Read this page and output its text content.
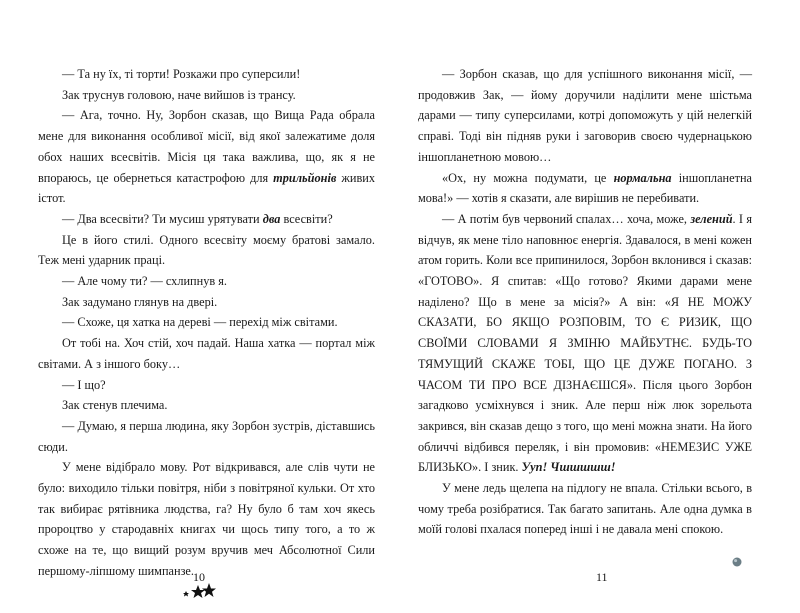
— Та ну їх, ті торти! Розкажи про суперсили!

Зак труснув головою, наче вийшов із трансу.

— Ага, точно. Ну, Зорбон сказав, що Вища Рада обрала мене для виконання особливої місії, від якої залежатиме доля обох наших всесвітів. Місія ця така важлива, що, як я не впораюсь, це обернеться катастрофою для трильйонів живих істот.

— Два всесвіти? Ти мусиш урятувати два всесвіти?

Це в його стилі. Одного всесвіту моєму братові замало. Теж мені ударник праці.

— Але чому ти? — схлипнув я.

Зак задумано глянув на двері.

— Схоже, ця хатка на дереві — перехід між світами.

От тобі на. Хоч стій, хоч падай. Наша хатка — портал між світами. А з іншого боку…

— І що?

Зак стенув плечима.

— Думаю, я перша людина, яку Зорбон зустрів, діставшись сюди.

У мене відібрало мову. Рот відкривався, але слів чути не було: виходило тільки повітря, ніби з повітряної кульки. От хто так вибирає рятівника людства, га? Ну було б там хоч якесь пророцтво у стародавніх книгах чи щось типу того, а то ж схоже на те, що вищий розум вручив меч Абсолютної Сили першому-ліпшому шимпанзе.

— Зорбон сказав, що для успішного виконання місії, — продовжив Зак, — йому доручили наділити мене шістьма дарами — типу суперсилами, котрі допоможуть у цій нелегкій справі. Тоді він підняв руки і заговорив своєю чудернацькою іншопланетною мовою…

«Ох, ну можна подумати, це нормальна іншопланетна мова!» — хотів я сказати, але вирішив не перебивати.

— А потім був червоний спалах… хоча, може, зелений. І я відчув, як мене тіло наповнює енергія. Здавалося, в мені кожен атом горить. Коли все припинилося, Зорбон вклонився і сказав: «ГОТОВО». Я спитав: «Що готово? Якими дарами мене наділено? Що в мене за місія?» А він: «Я НЕ МОЖУ СКАЗАТИ, БО ЯКЩО РОЗПОВІМ, ТО Є РИЗИК, ЩО СВОЇМИ СЛОВАМИ Я ЗМІНЮ МАЙБУТНЄ. БУДЬ-ТО ТЯМУЩИЙ СКАЖЕ ТОБІ, ЩО ЦЕ ДУЖЕ ПОГАНО. З ЧАСОМ ТИ ПРО ВСЕ ДІЗНАЄШСЯ». Після цього Зорбон загадково усміхнувся і зник. Але перш ніж люк зорельота закрився, він сказав дещо з того, що мені можна знати. На його обличчі відбився переляк, і він промовив: «НЕМЕЗИС УЖЕ БЛИЗЬКО». І зник. Ууп! Чшшшшш!

У мене ледь щелепа на підлогу не впала. Стільки всього, в чому треба розібратися. Так багато запитань. Але одна думка в моїй голові пхалася поперед інші і не давала мені спокою.

10	11
